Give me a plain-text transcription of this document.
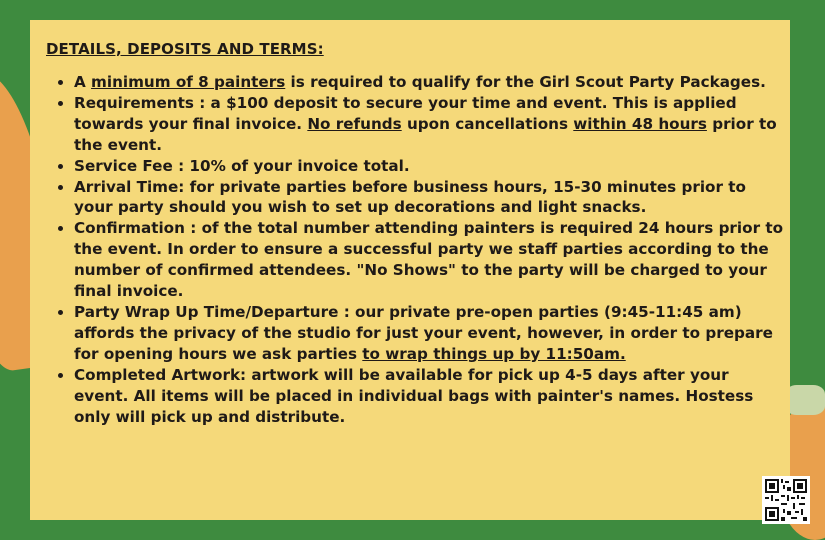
DETAILS, DEPOSITS AND TERMS:
• A minimum of 8 painters is required to qualify for the Girl Scout Party Packages.
• Requirements : a $100 deposit to secure your time and event. This is applied towards your final invoice. No refunds upon cancellations within 48 hours prior to the event.
• Service Fee : 10% of your invoice total.
• Arrival Time: for private parties before business hours, 15-30 minutes prior to your party should you wish to set up decorations and light snacks.
• Confirmation : of the total number attending painters is required 24 hours prior to the event. In order to ensure a successful party we staff parties according to the number of confirmed attendees. "No Shows" to the party will be charged to your final invoice.
• Party Wrap Up Time/Departure : our private pre-open parties (9:45-11:45 am) affords the privacy of the studio for just your event, however, in order to prepare for opening hours we ask parties to wrap things up by 11:50am.
• Completed Artwork: artwork will be available for pick up 4-5 days after your event. All items will be placed in individual bags with painter's names. Hostess only will pick up and distribute.
